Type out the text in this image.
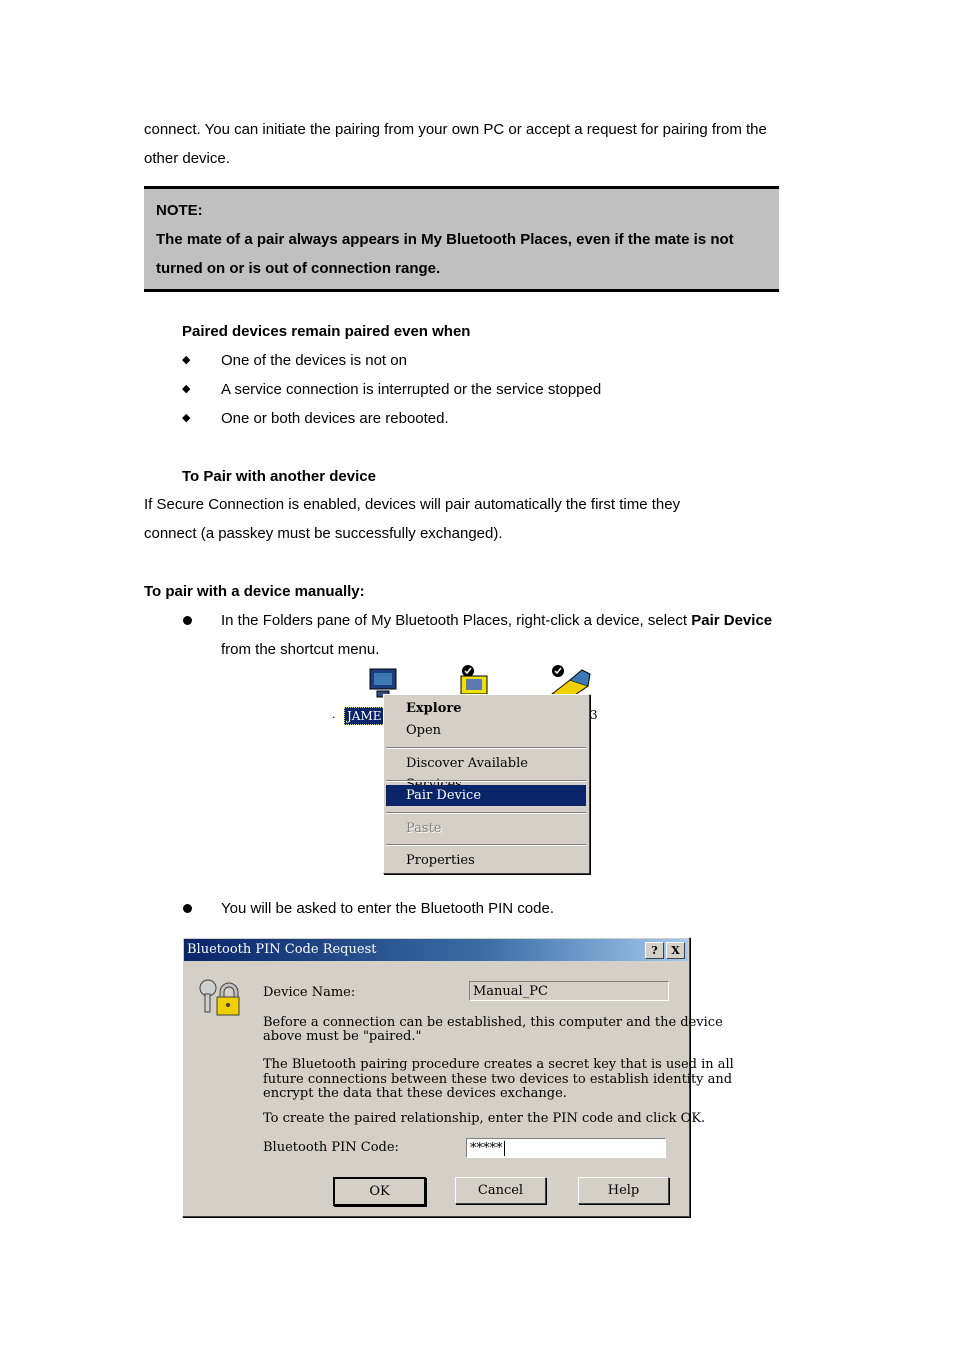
connect. You can initiate the pairing from your own PC or accept a request for pairing from the
other device.
NOTE:
The mate of a pair always appears in My Bluetooth Places, even if the mate is not
turned on or is out of connection range.
Paired devices remain paired even when
◆ One of the devices is not on
◆ A service connection is interrupted or the service stopped
◆ One or both devices are rebooted.
To Pair with another device
If Secure Connection is enabled, devices will pair automatically the first time they
connect (a passkey must be successfully exchanged).
To pair with a device manually:
In the Folders pane of My Bluetooth Places, right-click a device, select Pair Device
from the shortcut menu.
. JAME	3
Explore
Open
Discover Available
Pair Device
Paste
Properties
You will be asked to enter the Bluetooth PIN code.
Bluetooth PIN Code Request	?	X
Device Name:	Manual_PC
Before a connection can be established, this computer and the device
above must be "paired."
The Bluetooth pairing procedure creates a secret key that is used in all
future connections between these two devices to establish identity and
encrypt the data that these devices exchange.
To create the paired relationship, enter the PIN code and click OK.
Bluetooth PIN Code:	*****
OK	Cancel	Help
